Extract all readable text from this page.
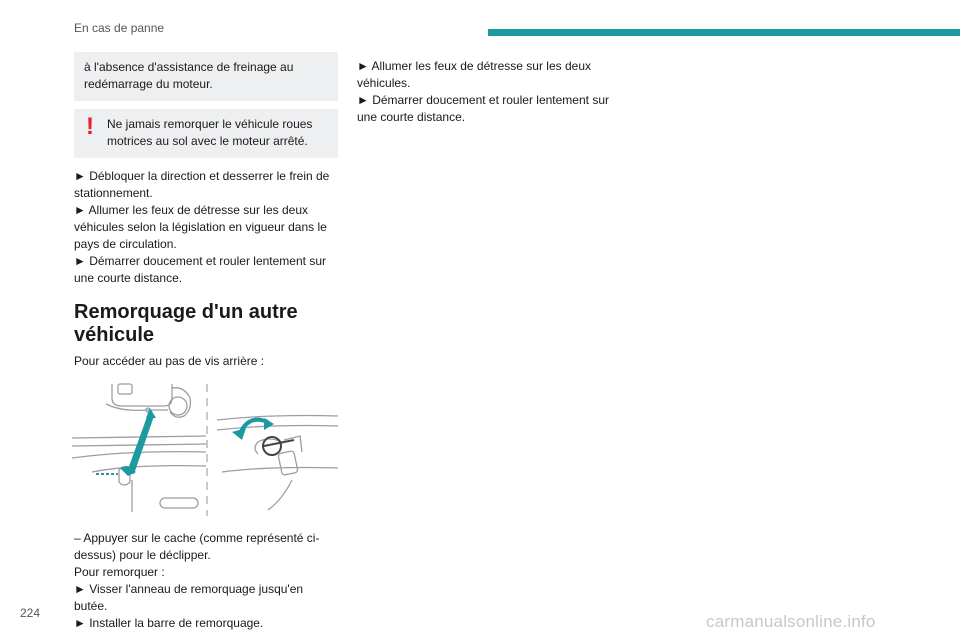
En cas de panne
à l'absence d'assistance de freinage au redémarrage du moteur.
! Ne jamais remorquer le véhicule roues motrices au sol avec le moteur arrêté.
► Débloquer la direction et desserrer le frein de stationnement.
► Allumer les feux de détresse sur les deux véhicules selon la législation en vigueur dans le pays de circulation.
► Démarrer doucement et rouler lentement sur une courte distance.
Remorquage d'un autre véhicule
Pour accéder au pas de vis arrière :
– Appuyer sur le cache (comme représenté ci-dessus) pour le déclipper.
Pour remorquer :
► Visser l'anneau de remorquage jusqu'en butée.
► Installer la barre de remorquage.
► Allumer les feux de détresse sur les deux véhicules.
► Démarrer doucement et rouler lentement sur une courte distance.
224	carmanualsonline.info
